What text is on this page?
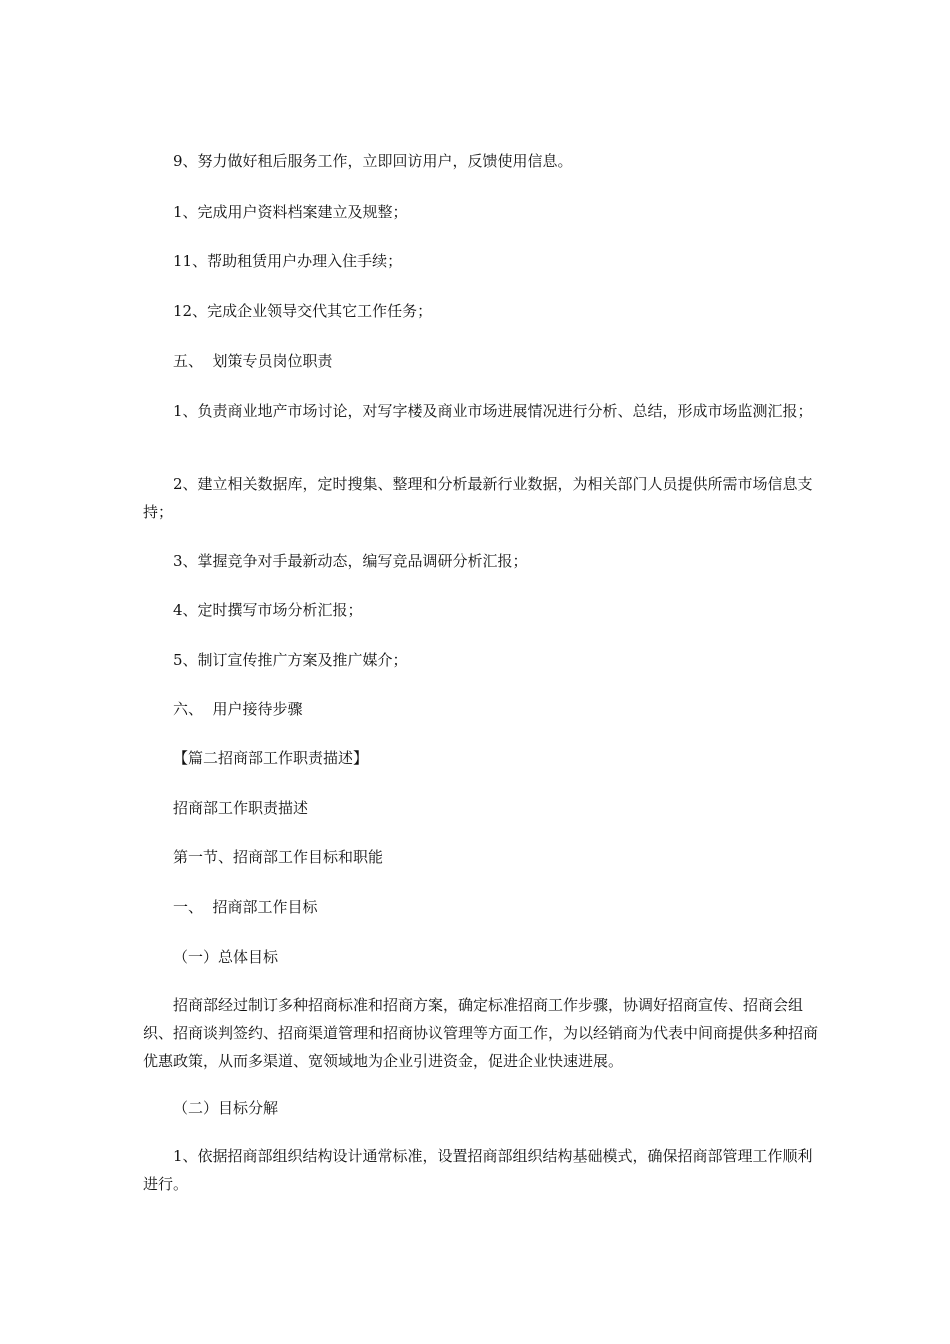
9、努力做好租后服务工作，立即回访用户，反馈使用信息。

1、完成用户资料档案建立及规整；

11、帮助租赁用户办理入住手续；

12、完成企业领导交代其它工作任务；

五、  划策专员岗位职责

1、负责商业地产市场讨论，对写字楼及商业市场进展情况进行分析、总结，形成市场监测汇报；

2、建立相关数据库，定时搜集、整理和分析最新行业数据，为相关部门人员提供所需市场信息支持；

3、掌握竞争对手最新动态，编写竞品调研分析汇报；

4、定时撰写市场分析汇报；

5、制订宣传推广方案及推广媒介；

六、  用户接待步骤

【篇二招商部工作职责描述】

招商部工作职责描述

第一节、招商部工作目标和职能

一、  招商部工作目标

（一）总体目标

招商部经过制订多种招商标准和招商方案，确定标准招商工作步骤，协调好招商宣传、招商会组织、招商谈判签约、招商渠道管理和招商协议管理等方面工作，为以经销商为代表中间商提供多种招商优惠政策，从而多渠道、宽领域地为企业引进资金，促进企业快速进展。

（二）目标分解

1、依据招商部组织结构设计通常标准，设置招商部组织结构基础模式，确保招商部管理工作顺利进行。
